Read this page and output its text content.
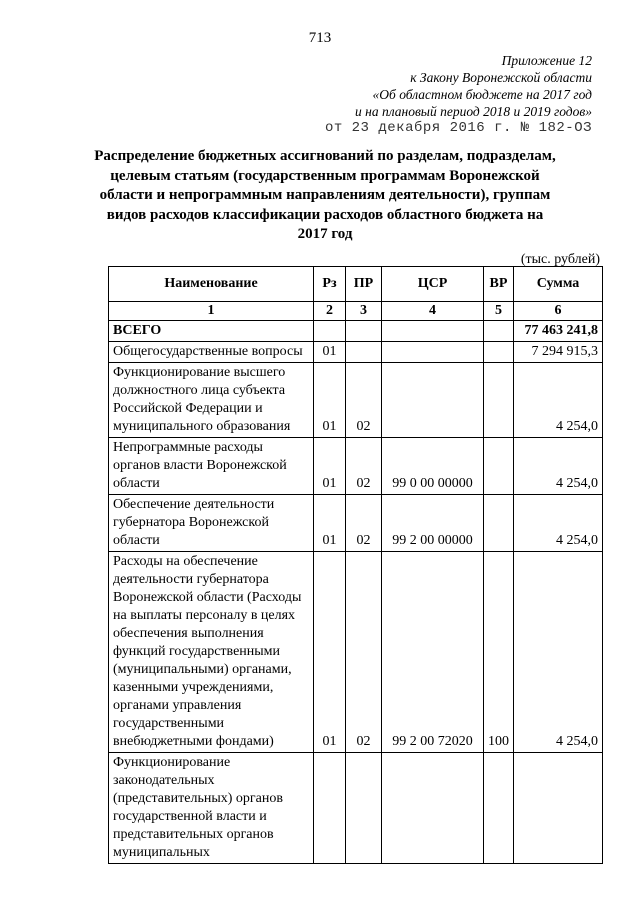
713
Приложение 12
к Закону Воронежской области
«Об областном бюджете на 2017 год
и на плановый период 2018 и 2019 годов»
от 23 декабря 2016 г. № 182-ОЗ
Распределение бюджетных ассигнований по разделам, подразделам, целевым статьям (государственным программам Воронежской области и непрограммным направлениям деятельности), группам видов расходов классификации расходов областного бюджета на 2017 год
(тыс. рублей)
Наименование	Рз	ПР	ЦСР	ВР	Сумма
1	2	3	4	5	6
ВСЕГО					77 463 241,8
Общегосударственные вопросы	01				7 294 915,3
Функционирование высшего должностного лица субъекта Российской Федерации и муниципального образования	01	02			4 254,0
Непрограммные расходы органов власти Воронежской области	01	02	99 0 00 00000		4 254,0
Обеспечение деятельности губернатора Воронежской области	01	02	99 2 00 00000		4 254,0
Расходы на обеспечение деятельности губернатора Воронежской области (Расходы на выплаты персоналу в целях обеспечения выполнения функций государственными (муниципальными) органами, казенными учреждениями, органами управления государственными внебюджетными фондами)	01	02	99 2 00 72020	100	4 254,0
Функционирование законодательных (представительных) органов государственной власти и представительных органов муниципальных					
